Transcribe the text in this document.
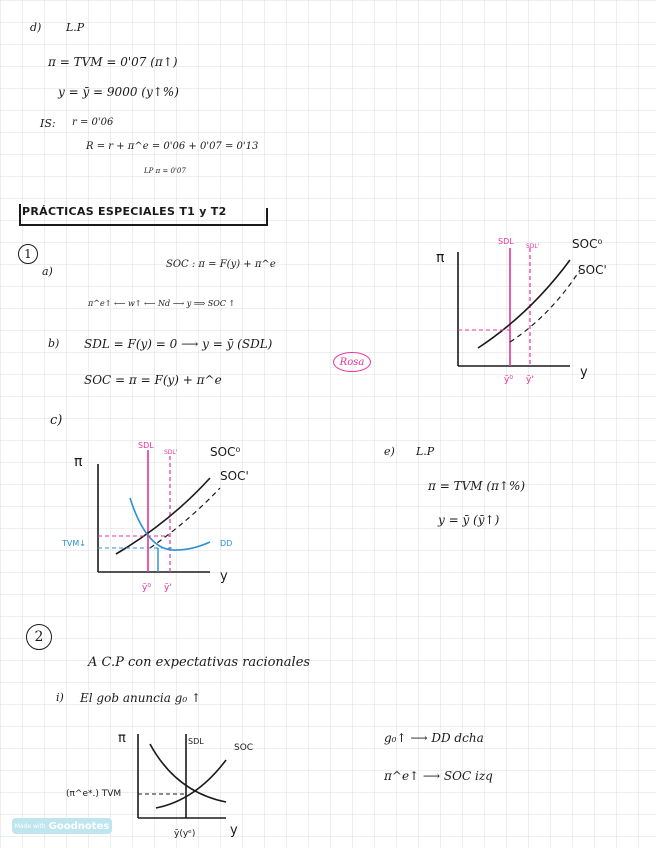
d) L.P
π = TVM = 0'07 (π↑)
y = ȳ = 9000 (y↑%)
IS: r = 0'06
R = r + π^e = 0'06 + 0'07 = 0'13
LP π = 0'07
PRÁCTICAS ESPECIALES T1 y T2
1
a)
SOC : π = F(y) + π^e
π^e↑ ⟵ w↑ ⟵ Nd ⟶ y ⟹ SOC ↑
b) SDL = F(y) = 0 ⟶ y = ȳ (SDL)
Rosa
SOC = π = F(y) + π^e
c)
e) L.P
π = TVM (π↑%)
y = ȳ (ȳ↑)
π
y
SDL
SDL'	SOC⁰
SOC'
ȳ⁰ ȳ'
π
y
SDL
SDL'	SOC⁰
SOC'
DD
TVM↓
ȳ⁰ ȳ'
2
A C.P con expectativas racionales
i) El gob anuncia g₀ ↑
g₀↑ ⟶ DD dcha
π^e↑ ⟶ SOC izq
π
y
SDL
SOC
(π^e*.) TVM
ȳ(yᵉ)
Made with Goodnotes
